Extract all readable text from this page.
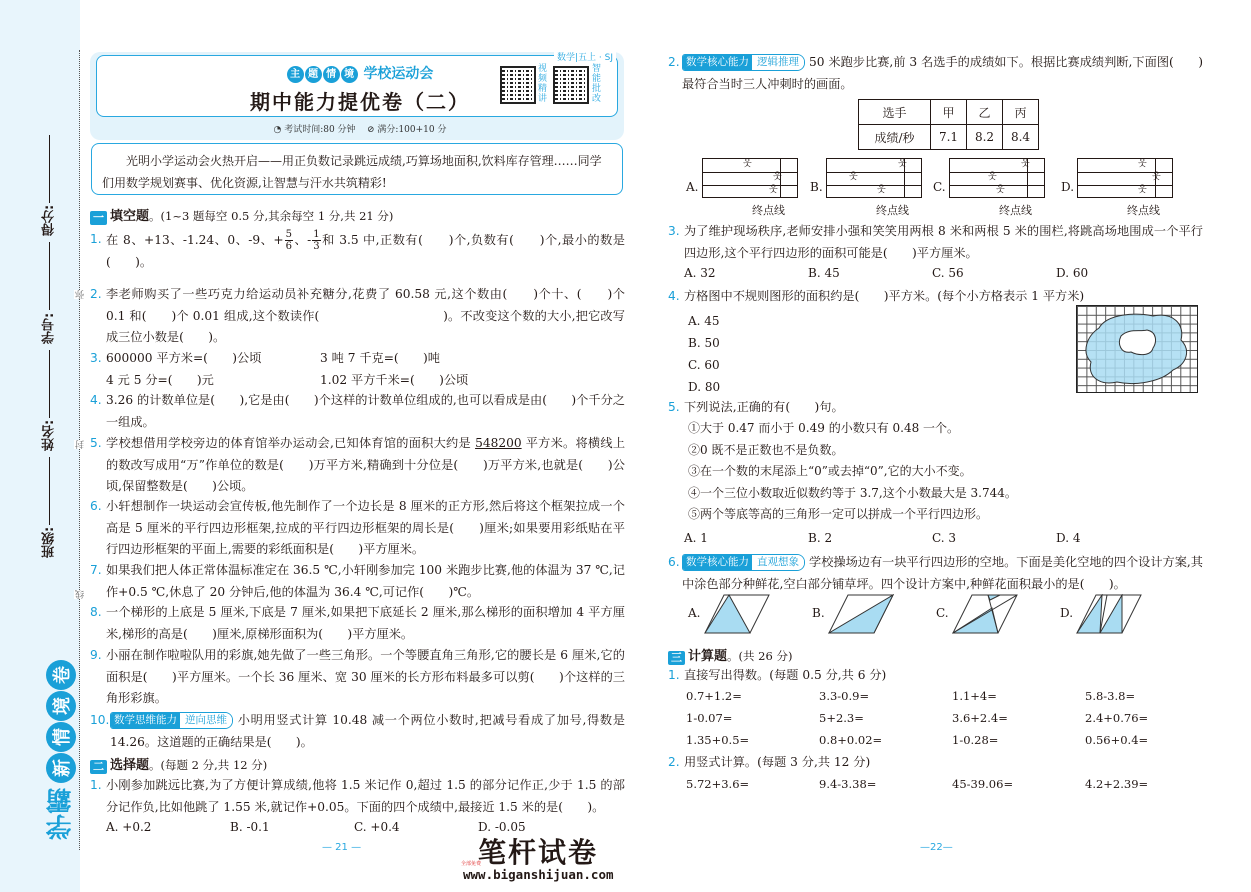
弥
封
线
班级:
姓名:
学号:
得分:
卷
境
情
新
学霸
数学|五上 · SJ
主 题 情 境 学校运动会
期中能力提优卷（二）
视频精讲
智能批改
◔ 考试时间:80 分钟 ⊘ 满分:100+10 分
光明小学运动会火热开启——用正负数记录跳远成绩,巧算场地面积,饮料库存管理……同学们用数学规划赛事、优化资源,让智慧与汗水共筑精彩!
一 填空题。(1~3 题每空 0.5 分,其余每空 1 分,共 21 分)
1. 在 8、+13、-1.24、0、-9、+ $\frac{5}{6}$ 、- $\frac{1}{3}$ 和 3.5 中,正数有(　　)个,负数有(　　)个,最小的数是(　　)。
2. 李老师购买了一些巧克力给运动员补充糖分,花费了 60.58 元,这个数由(　　)个十、(　　)个 0.1 和(　　)个 0.01 组成,这个数读作(　　　　　　　　　　)。不改变这个数的大小,把它改写成三位小数是(　　)。
3. 600000 平方米=(　　)公顷	3 吨 7 千克=(　　)吨
4 元 5 分=(　　)元	1.02 平方千米=(　　)公顷
4. 3.26 的计数单位是(　　),它是由(　　)个这样的计数单位组成的,也可以看成是由(　　)个千分之一组成。
5. 学校想借用学校旁边的体育馆举办运动会,已知体育馆的面积大约是 548200 平方米。将横线上的数改写成用“万”作单位的数是(　　)万平方米,精确到十分位是(　　)万平方米,也就是(　　)公顷,保留整数是(　　)公顷。
6. 小轩想制作一块运动会宣传板,他先制作了一个边长是 8 厘米的正方形,然后将这个框架拉成一个高是 5 厘米的平行四边形框架,拉成的平行四边形框架的周长是(　　)厘米;如果要用彩纸贴在平行四边形框架的平面上,需要的彩纸面积是(　　)平方厘米。
7. 如果我们把人体正常体温标准定在 36.5 ℃,小轩刚参加完 100 米跑步比赛,他的体温为 37 ℃,记作+0.5 ℃,休息了 20 分钟后,他的体温为 36.4 ℃,可记作(　　)℃。
8. 一个梯形的上底是 5 厘米,下底是 7 厘米,如果把下底延长 2 厘米,那么梯形的面积增加 4 平方厘米,梯形的高是(　　)厘米,原梯形面积为(　　)平方厘米。
9. 小丽在制作啦啦队用的彩旗,她先做了一些三角形。一个等腰直角三角形,它的腰长是 6 厘米,它的面积是(　　)平方厘米。一个长 36 厘米、宽 30 厘米的长方形布料最多可以剪(　　)个这样的三角形彩旗。
10. 数学思维能力 逆向思维 小明用竖式计算 10.48 减一个两位小数时,把减号看成了加号,得数是 14.26。这道题的正确结果是(　　)。
二 选择题。(每题 2 分,共 12 分)
1. 小刚参加跳远比赛,为了方便计算成绩,他将 1.5 米记作 0,超过 1.5 的部分记作正,少于 1.5 的部分记作负,比如他跳了 1.55 米,就记作+0.05。下面的四个成绩中,最接近 1.5 米的是(　　)。
A. +0.2	B. -0.1	C. +0.4	D. -0.05
— 21 —
全部免费
笔杆试卷
www.biganshijuan.com
2. 数学核心能力 逻辑推理 50 米跑步比赛,前 3 名选手的成绩如下。根据比赛成绩判断,下面图(　　)最符合当时三人冲刺时的画面。
选手	甲	乙	丙
成绩/秒	7.1	8.2	8.4
A.
웃
웃
웃
终点线
B.
웃
웃
웃
终点线
C.
웃
웃
웃
终点线
D.
웃
웃
웃
终点线
3. 为了维护现场秩序,老师安排小强和笑笑用两根 8 米和两根 5 米的围栏,将跳高场地围成一个平行四边形,这个平行四边形的面积可能是(　　)平方厘米。
A. 32	B. 45	C. 56	D. 60
4. 方格图中不规则图形的面积约是(　　)平方米。(每个小方格表示 1 平方米)
A. 45
B. 50
C. 60
D. 80
5. 下列说法,正确的有(　　)句。
①大于 0.47 而小于 0.49 的小数只有 0.48 一个。
②0 既不是正数也不是负数。
③在一个数的末尾添上“0”或去掉“0”,它的大小不变。
④一个三位小数取近似数约等于 3.7,这个小数最大是 3.744。
⑤两个等底等高的三角形一定可以拼成一个平行四边形。
A. 1	B. 2	C. 3	D. 4
6. 数学核心能力 直观想象 学校操场边有一块平行四边形的空地。下面是美化空地的四个设计方案,其中涂色部分种鲜花,空白部分铺草坪。四个设计方案中,种鲜花面积最小的是(　　)。
A.	B.	C.	D.
三 计算题。(共 26 分)
1. 直接写出得数。(每题 0.5 分,共 6 分)
0.7+1.2=	3.3-0.9=	1.1+4=	5.8-3.8=
1-0.07=	5+2.3=	3.6+2.4=	2.4+0.76=
1.35+0.5=	0.8+0.02=	1-0.28=	0.56+0.4=
2. 用竖式计算。(每题 3 分,共 12 分)
5.72+3.6=	9.4-3.38=	45-39.06=	4.2+2.39=
—22—
